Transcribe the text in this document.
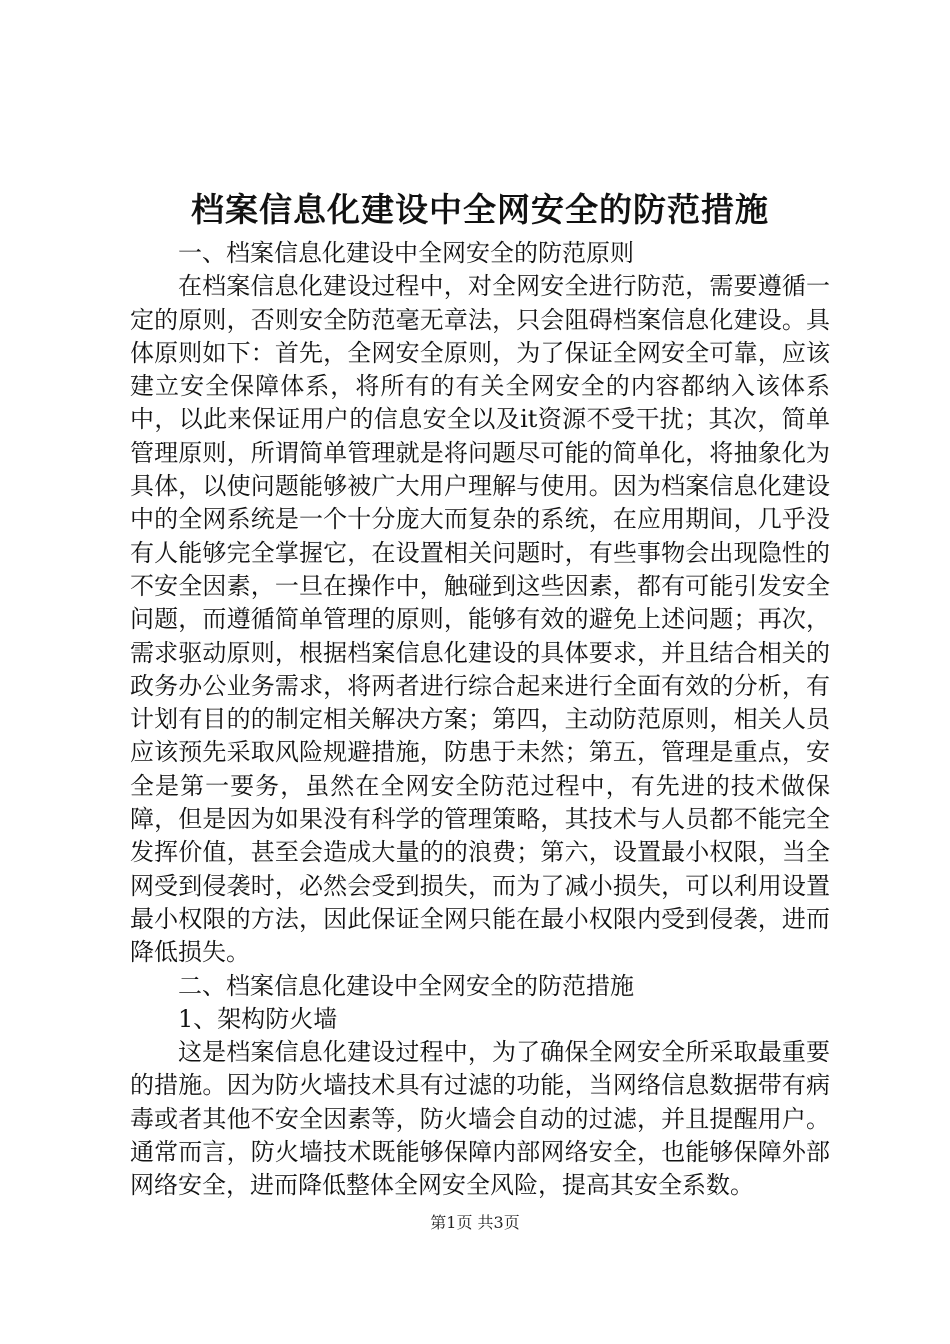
档案信息化建设中全网安全的防范措施

一、档案信息化建设中全网安全的防范原则

在档案信息化建设过程中，对全网安全进行防范，需要遵循一定的原则，否则安全防范毫无章法，只会阻碍档案信息化建设。具体原则如下：首先，全网安全原则，为了保证全网安全可靠，应该建立安全保障体系，将所有的有关全网安全的内容都纳入该体系中，以此来保证用户的信息安全以及it资源不受干扰；其次，简单管理原则，所谓简单管理就是将问题尽可能的简单化，将抽象化为具体，以使问题能够被广大用户理解与使用。因为档案信息化建设中的全网系统是一个十分庞大而复杂的系统，在应用期间，几乎没有人能够完全掌握它，在设置相关问题时，有些事物会出现隐性的不安全因素，一旦在操作中，触碰到这些因素，都有可能引发安全问题，而遵循简单管理的原则，能够有效的避免上述问题；再次，需求驱动原则，根据档案信息化建设的具体要求，并且结合相关的政务办公业务需求，将两者进行综合起来进行全面有效的分析，有计划有目的的制定相关解决方案；第四，主动防范原则，相关人员应该预先采取风险规避措施，防患于未然；第五，管理是重点，安全是第一要务，虽然在全网安全防范过程中，有先进的技术做保障，但是因为如果没有科学的管理策略，其技术与人员都不能完全发挥价值，甚至会造成大量的的浪费；第六，设置最小权限，当全网受到侵袭时，必然会受到损失，而为了减小损失，可以利用设置最小权限的方法，因此保证全网只能在最小权限内受到侵袭，进而降低损失。

二、档案信息化建设中全网安全的防范措施

1、架构防火墙

这是档案信息化建设过程中，为了确保全网安全所采取最重要的措施。因为防火墙技术具有过滤的功能，当网络信息数据带有病毒或者其他不安全因素等，防火墙会自动的过滤，并且提醒用户。通常而言，防火墙技术既能够保障内部网络安全，也能够保障外部网络安全，进而降低整体全网安全风险，提高其安全系数。

第1页 共3页
